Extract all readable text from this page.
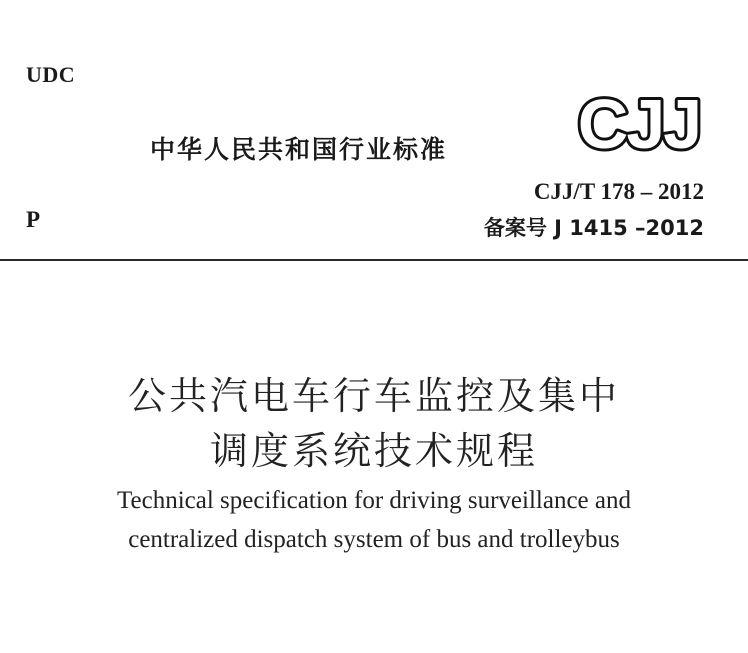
UDC
中华人民共和国行业标准 CJJ
P
CJJ/T 178 – 2012
备案号 J 1415 –2012
公共汽电车行车监控及集中
调度系统技术规程
Technical specification for driving surveillance and
centralized dispatch system of bus and trolleybus
